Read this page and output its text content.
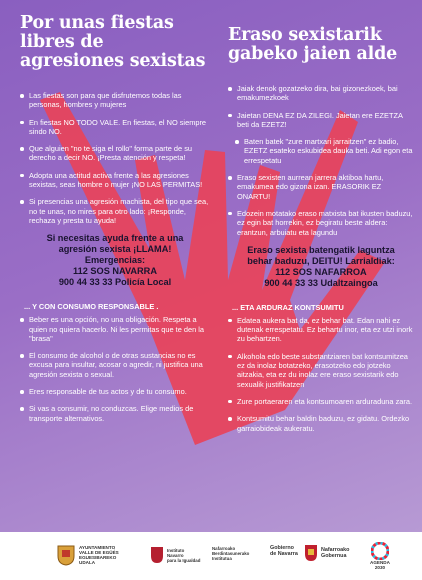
Por unas fiestas libres de agresiones sexistas
Las fiestas son para que disfrutemos todas las personas, hombres y mujeres
En fiestas NO TODO VALE. En fiestas, el NO siempre sindo NO.
Que alguien "no te siga el rollo" forma parte de su derecho a decir NO. ¡Presta atención y respeta!
Adopta una actitud activa frente a las agresiones sexistas, seas hombre o mujer ¡NO LAS PERMITAS!
Si presencias una agresión machista, del tipo que sea, no te unas, no mires para otro lado: ¡Responde, rechaza y presta tu ayuda!
Si necesitas ayuda frente a una
agresión sexista ¡LLAMA!
Emergencias:
112 SOS NAVARRA
900 44 33 33 Policía Local
... Y CON CONSUMO RESPONSABLE .
Beber es una opción, no una obligación. Respeta a quien no quiera hacerlo. Ni les permitas que te den la "brasa"
El consumo de alcohol o de otras sustancias no es excusa para insultar, acosar o agredir, ni justifica una agresión sexista o sexual.
Eres responsable de tus actos y de tu consumo.
Si vas a consumir, no conduzcas. Elige medios de transporte alternativos.
Eraso sexistarik gabeko jaien alde
Jaiak denok gozatzeko dira, bai gizonezkoek, bai emakumezkoek
Jaietan DENA EZ DA ZILEGI. Jaietan ere EZETZA beti da EZETZ!
Baten batek "zure martxari jarraitzen" ez badio, EZETZ esateko eskubidea dauka beti. Adi egon eta errespetatu
Eraso sexisten aurrean jarrera aktiboa hartu, emakumea edo gizona izan. ERASORIK EZ ONARTU!
Edozein motatako eraso matxista bat ikusten baduzu, ez egin bat horrekin, ez begiratu beste aldera: erantzun, arbuiatu eta lagundu
Eraso sexista batengatik laguntza
behar baduzu, DEITU! Larrialdiak:
112 SOS NAFARROA
900 44 33 33 Udaltzaingoa
... ETA ARDURAZ KONTSUMITU
Edatea aukera bat da, ez behar bat. Edan nahi ez dutenak errespetatu. Ez behartu inor, eta ez utzi inork zu behartzen.
Alkohola edo beste substantziaren bat kontsumitzea ez da inolaz botatzeko, erasotzeko edo jotzeko aitzakia, eta ez du inolaz ere eraso sexistarik edo sexualik justifikatzen
Zure portaeraren eta kontsumoaren arduraduna zara.
Kontsumitu behar baldin baduzu, ez gidatu. Ordezko garraiobideak aukeratu.
AYUNTAMIENTO
VALLE DE EGÜÉS
EGUESIBAREKO
UDALA
Instituto
Navarro
para la Igualdad
Nafarroako
Berdintasunerako
Institutua
Gobierno
de Navarra
Nafarroako
Gobernua
AGENDA
2030
